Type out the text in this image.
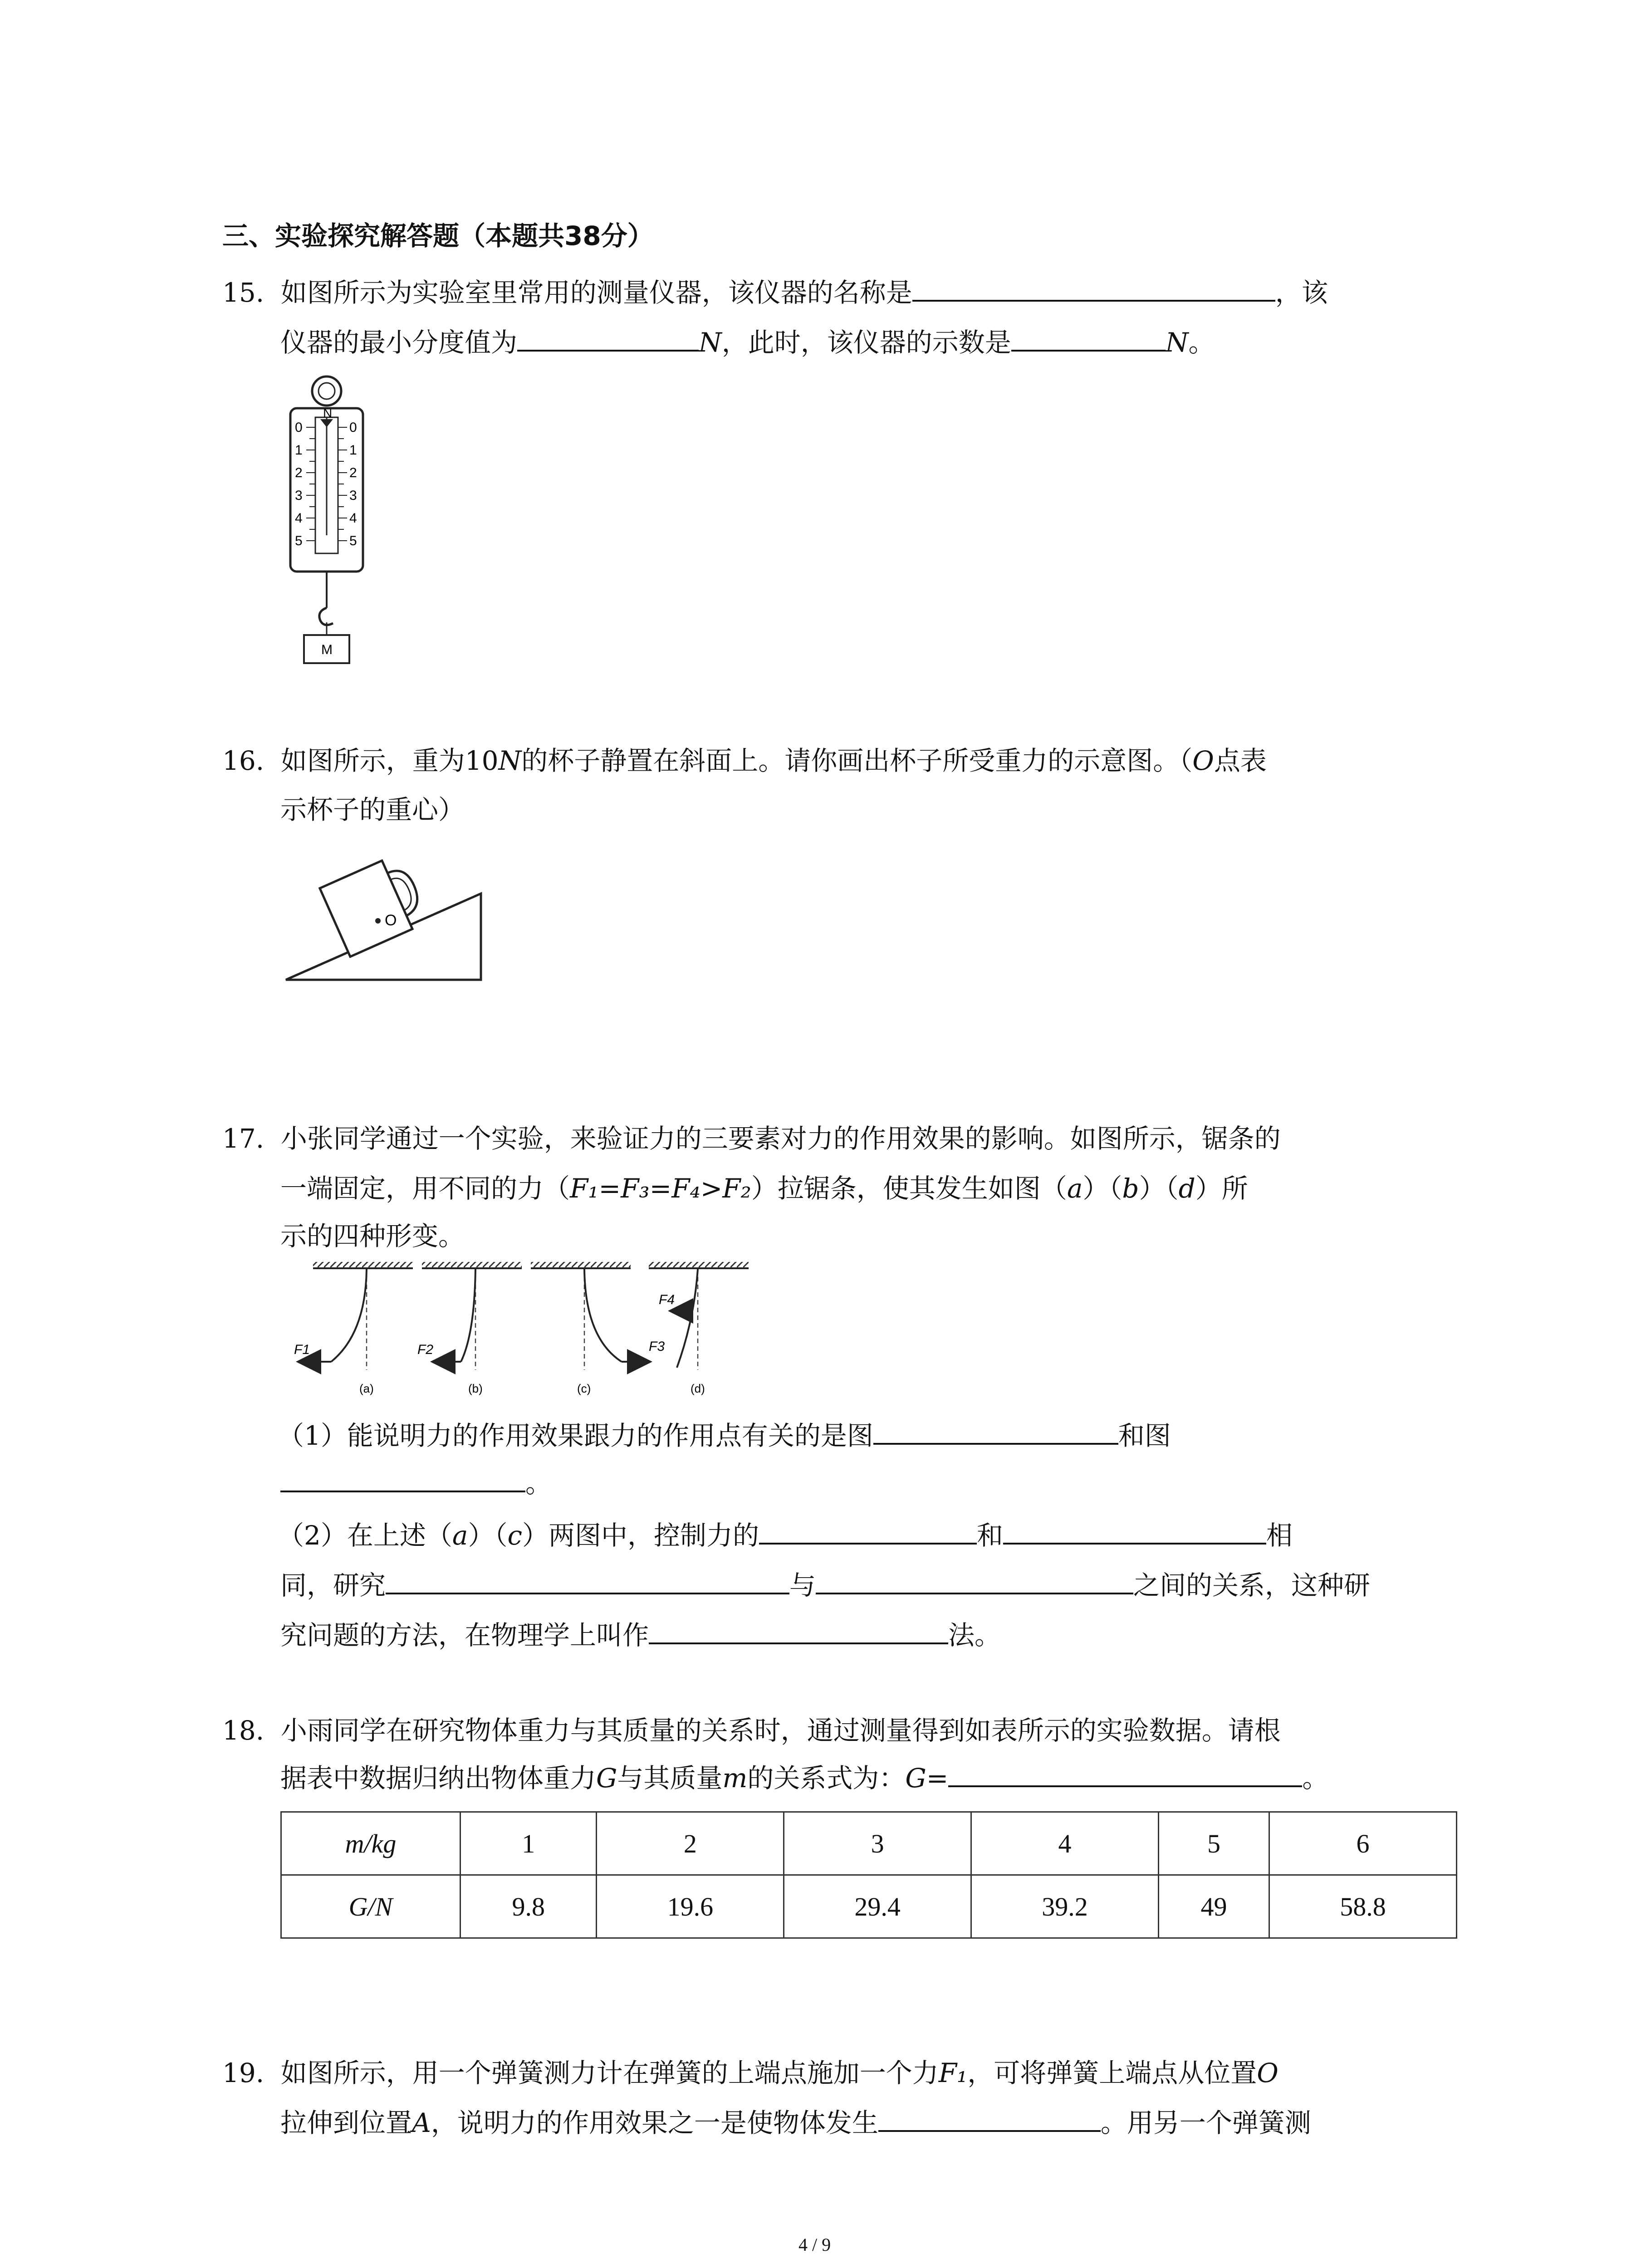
三、实验探究解答题（本题共38分）
15. 如图所示为实验室里常用的测量仪器，该仪器的名称是	，该
仪器的最小分度值为	N，此时，该仪器的示数是	N。
N
0
1
2
3
4
5
0
1
2
3
4
5
M
16. 如图所示，重为10N的杯子静置在斜面上。请你画出杯子所受重力的示意图。（O点表
示杯子的重心）
O
17. 小张同学通过一个实验，来验证力的三要素对力的作用效果的影响。如图所示，锯条的
一端固定，用不同的力（F₁=F₃=F₄>F₂）拉锯条，使其发生如图（a）（b）（d）所
示的四种形变。
F1	F2	F3
F4
(a)	(b)	(c)	(d)
（1）能说明力的作用效果跟力的作用点有关的是图	和图
。
（2）在上述（a）（c）两图中，控制力的	和	相
同，研究	与	之间的关系，这种研
究问题的方法，在物理学上叫作	法。
18. 小雨同学在研究物体重力与其质量的关系时，通过测量得到如表所示的实验数据。请根
据表中数据归纳出物体重力G与其质量m的关系式为：G=	。
m/kg	1	2	3	4	5	6
G/N	9.8	19.6	29.4	39.2	49	58.8
19. 如图所示，用一个弹簧测力计在弹簧的上端点施加一个力F₁，可将弹簧上端点从位置O
拉伸到位置A，说明力的作用效果之一是使物体发生	。用另一个弹簧测
4 / 9
